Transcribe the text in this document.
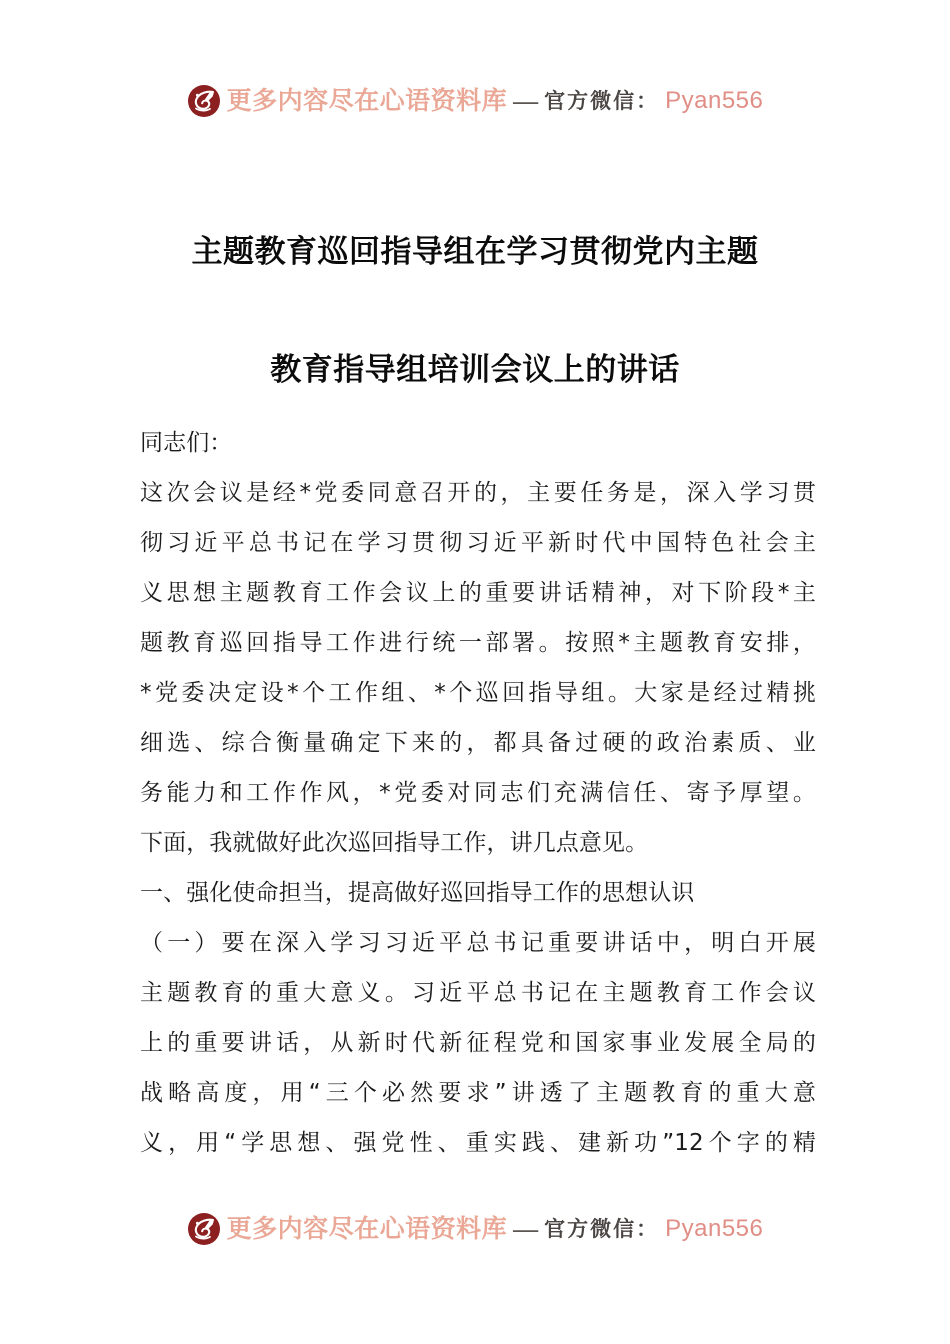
更多内容尽在心语资料库 — 官方微信： Pyan556
主题教育巡回指导组在学习贯彻党内主题
教育指导组培训会议上的讲话
同志们：
这次会议是经*党委同意召开的，主要任务是，深入学习贯
彻习近平总书记在学习贯彻习近平新时代中国特色社会主
义思想主题教育工作会议上的重要讲话精神，对下阶段*主
题教育巡回指导工作进行统一部署。按照*主题教育安排，
*党委决定设*个工作组、*个巡回指导组。大家是经过精挑
细选、综合衡量确定下来的，都具备过硬的政治素质、业
务能力和工作作风，*党委对同志们充满信任、寄予厚望。
下面，我就做好此次巡回指导工作，讲几点意见。
一、强化使命担当，提高做好巡回指导工作的思想认识
（一）要在深入学习习近平总书记重要讲话中，明白开展
主题教育的重大意义。习近平总书记在主题教育工作会议
上的重要讲话，从新时代新征程党和国家事业发展全局的
战略高度，用“三个必然要求”讲透了主题教育的重大意
义，用“学思想、强党性、重实践、建新功”12个字的精
更多内容尽在心语资料库 — 官方微信： Pyan556
